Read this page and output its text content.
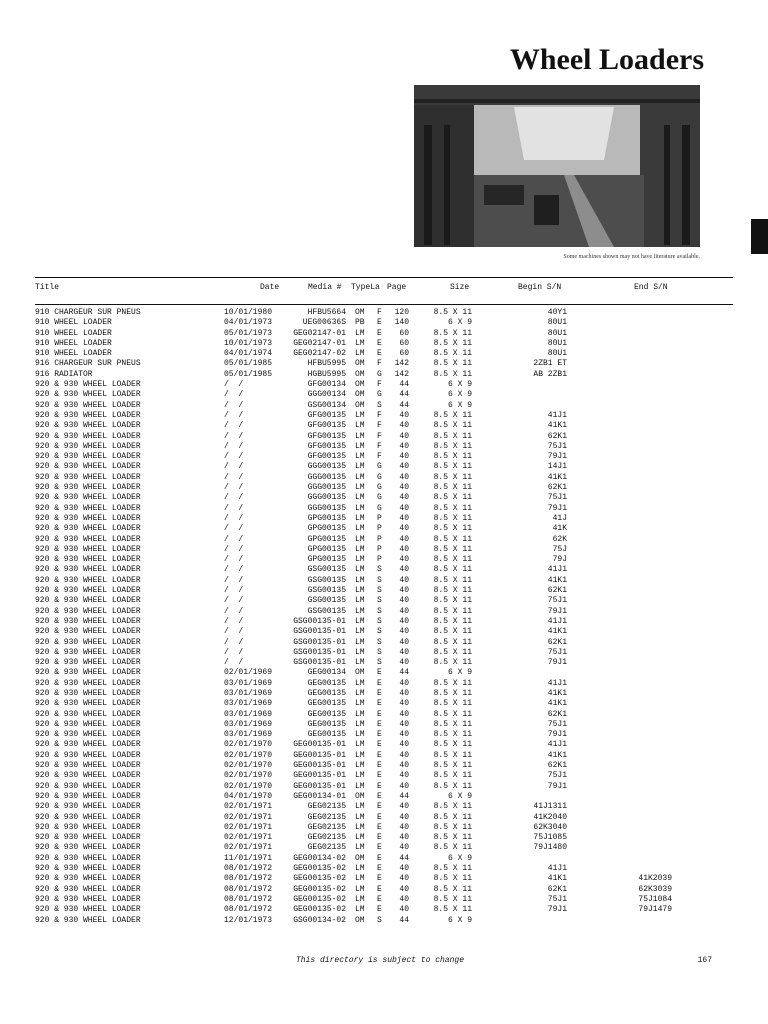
Wheel Loaders
Some machines shown may not have literature available.
Title	Date	Media # TypeLa Page	Size	Begin S/N	End S/N
910 CHARGEUR SUR PNEUS	10/01/1980	HFBU5664 OM F	120	8.5 X 11	40Y1
910 WHEEL LOADER	04/01/1973	UEG00636S PB E	140	6 X 9	80U1
910 WHEEL LOADER	05/01/1973	GEG02147-01 LM E	60	8.5 X 11	80U1
910 WHEEL LOADER	10/01/1973	GEG02147-01 LM E	60	8.5 X 11	80U1
910 WHEEL LOADER	04/01/1974	GEG02147-02 LM E	60	8.5 X 11	80U1
916 CHARGEUR SUR PNEUS	05/01/1985	HFBU5995 OM F	142	8.5 X 11	2ZB1 ET
916 RADIATOR	05/01/1985	HGBU5995 OM G	142	8.5 X 11	AB 2ZB1
920 & 930 WHEEL LOADER	/  /	GFG00134 OM F	44	6 X 9
920 & 930 WHEEL LOADER	/  /	GGG00134 OM G	44	6 X 9
920 & 930 WHEEL LOADER	/  /	GSG00134 OM S	44	6 X 9
920 & 930 WHEEL LOADER	/  /	GFG00135 LM F	40	8.5 X 11	41J1
920 & 930 WHEEL LOADER	/  /	GFG00135 LM F	40	8.5 X 11	41K1
920 & 930 WHEEL LOADER	/  /	GFG00135 LM F	40	8.5 X 11	62K1
920 & 930 WHEEL LOADER	/  /	GFG00135 LM F	40	8.5 X 11	75J1
920 & 930 WHEEL LOADER	/  /	GFG00135 LM F	40	8.5 X 11	79J1
920 & 930 WHEEL LOADER	/  /	GGG00135 LM G	40	8.5 X 11	14J1
920 & 930 WHEEL LOADER	/  /	GGG00135 LM G	40	8.5 X 11	41K1
920 & 930 WHEEL LOADER	/  /	GGG00135 LM G	40	8.5 X 11	62K1
920 & 930 WHEEL LOADER	/  /	GGG00135 LM G	40	8.5 X 11	75J1
920 & 930 WHEEL LOADER	/  /	GGG00135 LM G	40	8.5 X 11	79J1
920 & 930 WHEEL LOADER	/  /	GPG00135 LM P	40	8.5 X 11	41J
920 & 930 WHEEL LOADER	/  /	GPG00135 LM P	40	8.5 X 11	41K
920 & 930 WHEEL LOADER	/  /	GPG00135 LM P	40	8.5 X 11	62K
920 & 930 WHEEL LOADER	/  /	GPG00135 LM P	40	8.5 X 11	75J
920 & 930 WHEEL LOADER	/  /	GPG00135 LM P	40	8.5 X 11	79J
920 & 930 WHEEL LOADER	/  /	GSG00135 LM S	40	8.5 X 11	41J1
920 & 930 WHEEL LOADER	/  /	GSG00135 LM S	40	8.5 X 11	41K1
920 & 930 WHEEL LOADER	/  /	GSG00135 LM S	40	8.5 X 11	62K1
920 & 930 WHEEL LOADER	/  /	GSG00135 LM S	40	8.5 X 11	75J1
920 & 930 WHEEL LOADER	/  /	GSG00135 LM S	40	8.5 X 11	79J1
920 & 930 WHEEL LOADER	/  /	GSG00135-01 LM S	40	8.5 X 11	41J1
920 & 930 WHEEL LOADER	/  /	GSG00135-01 LM S	40	8.5 X 11	41K1
920 & 930 WHEEL LOADER	/  /	GSG00135-01 LM S	40	8.5 X 11	62K1
920 & 930 WHEEL LOADER	/  /	GSG00135-01 LM S	40	8.5 X 11	75J1
920 & 930 WHEEL LOADER	/  /	GSG00135-01 LM S	40	8.5 X 11	79J1
920 & 930 WHEEL LOADER	02/01/1969	GEG00134 OM E	44	6 X 9
920 & 930 WHEEL LOADER	03/01/1969	GEG00135 LM E	40	8.5 X 11	41J1
920 & 930 WHEEL LOADER	03/01/1969	GEG00135 LM E	40	8.5 X 11	41K1
920 & 930 WHEEL LOADER	03/01/1969	GEG00135 LM E	40	8.5 X 11	41K1
920 & 930 WHEEL LOADER	03/01/1969	GEG00135 LM E	40	8.5 X 11	62K1
920 & 930 WHEEL LOADER	03/01/1969	GEG00135 LM E	40	8.5 X 11	75J1
920 & 930 WHEEL LOADER	03/01/1969	GEG00135 LM E	40	8.5 X 11	79J1
920 & 930 WHEEL LOADER	02/01/1970	GEG00135-01 LM E	40	8.5 X 11	41J1
920 & 930 WHEEL LOADER	02/01/1970	GEG00135-01 LM E	40	8.5 X 11	41K1
920 & 930 WHEEL LOADER	02/01/1970	GEG00135-01 LM E	40	8.5 X 11	62K1
920 & 930 WHEEL LOADER	02/01/1970	GEG00135-01 LM E	40	8.5 X 11	75J1
920 & 930 WHEEL LOADER	02/01/1970	GEG00135-01 LM E	40	8.5 X 11	79J1
920 & 930 WHEEL LOADER	04/01/1970	GEG00134-01 OM E	44	6 X 9
920 & 930 WHEEL LOADER	02/01/1971	GEG02135 LM E	40	8.5 X 11	41J1311
920 & 930 WHEEL LOADER	02/01/1971	GEG02135 LM E	40	8.5 X 11	41K2040
920 & 930 WHEEL LOADER	02/01/1971	GEG02135 LM E	40	8.5 X 11	62K3040
920 & 930 WHEEL LOADER	02/01/1971	GEG02135 LM E	40	8.5 X 11	75J1085
920 & 930 WHEEL LOADER	02/01/1971	GEG02135 LM E	40	8.5 X 11	79J1480
920 & 930 WHEEL LOADER	11/01/1971	GEG00134-02 OM E	44	6 X 9
920 & 930 WHEEL LOADER	08/01/1972	GEG00135-02 LM E	40	8.5 X 11	41J1
920 & 930 WHEEL LOADER	08/01/1972	GEG00135-02 LM E	40	8.5 X 11	41K1	41K2039
920 & 930 WHEEL LOADER	08/01/1972	GEG00135-02 LM E	40	8.5 X 11	62K1	62K3039
920 & 930 WHEEL LOADER	08/01/1972	GEG00135-02 LM E	40	8.5 X 11	75J1	75J1084
920 & 930 WHEEL LOADER	08/01/1972	GEG00135-02 LM E	40	8.5 X 11	79J1	79J1479
920 & 930 WHEEL LOADER	12/01/1973	GSG00134-02 OM S	44	6 X 9
This directory is subject to change	167
